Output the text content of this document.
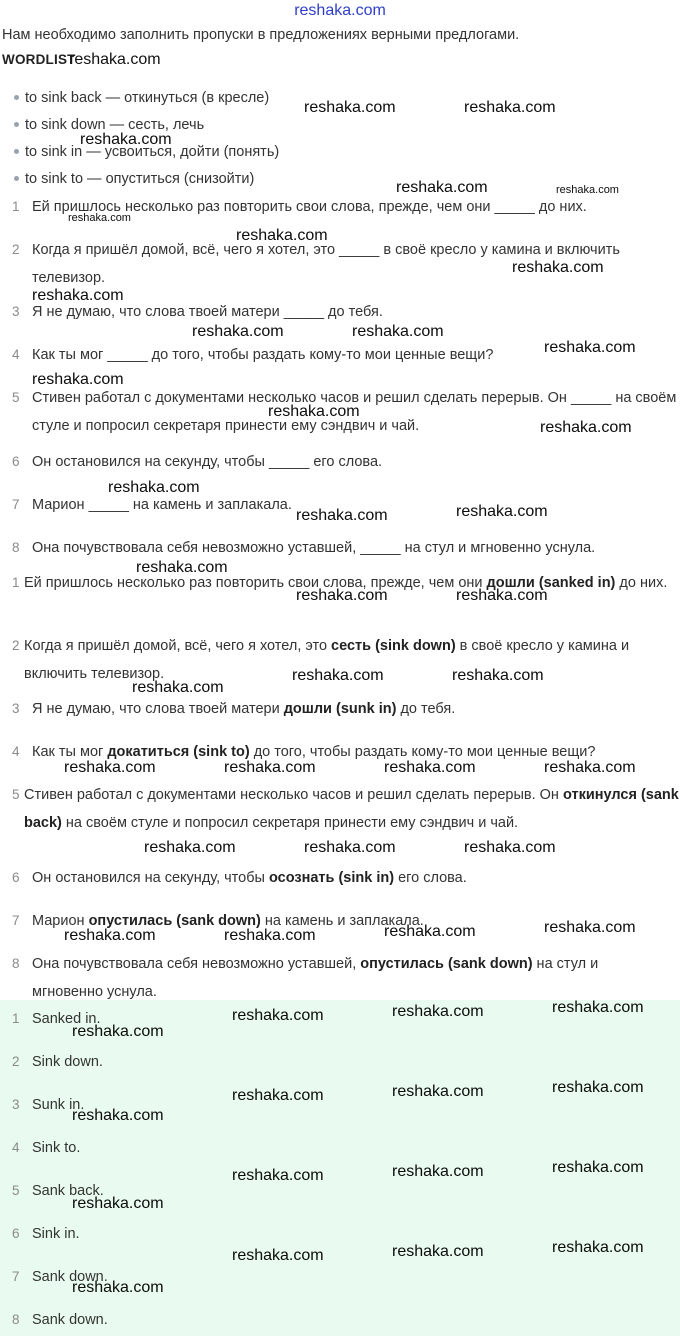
reshaka.com
Нам необходимо заполнить пропуски в предложениях верными предлогами.
WORDLIST
reshaka.com
to sink back — откинуться (в кресле)
to sink down — сесть, лечь
to sink in — усвоиться, дойти (понять)
to sink to — опуститься (снизойти)
1 Ей пришлось несколько раз повторить свои слова, прежде, чем они _____ до них.
2 Когда я пришёл домой, всё, чего я хотел, это _____ в своё кресло у камина и включить телевизор.
3 Я не думаю, что слова твоей матери _____ до тебя.
4 Как ты мог _____ до того, чтобы раздать кому-то мои ценные вещи?
5 Стивен работал с документами несколько часов и решил сделать перерыв. Он _____ на своём стуле и попросил секретаря принести ему сэндвич и чай.
6 Он остановился на секунду, чтобы _____ его слова.
7 Марион _____ на камень и заплакала.
8 Она почувствовала себя невозможно уставшей, _____ на стул и мгновенно уснула.
1 Ей пришлось несколько раз повторить свои слова, прежде, чем они дошли (sanked in) до них.
2 Когда я пришёл домой, всё, чего я хотел, это сесть (sink down) в своё кресло у камина и включить телевизор.
3 Я не думаю, что слова твоей матери дошли (sunk in) до тебя.
4 Как ты мог докатиться (sink to) до того, чтобы раздать кому-то мои ценные вещи?
5 Стивен работал с документами несколько часов и решил сделать перерыв. Он откинулся (sank back) на своём стуле и попросил секретаря принести ему сэндвич и чай.
6 Он остановился на секунду, чтобы осознать (sink in) его слова.
7 Марион опустилась (sank down) на камень и заплакала.
8 Она почувствовала себя невозможно уставшей, опустилась (sank down) на стул и мгновенно уснула.
1 Sanked in.
2 Sink down.
3 Sunk in.
4 Sink to.
5 Sank back.
6 Sink in.
7 Sank down.
8 Sank down.
reshaka.com	reshaka.com
reshaka.com
reshaka.com	reshaka.com
reshaka.com
reshaka.com
reshaka.com
reshaka.com
reshaka.com	reshaka.com
reshaka.com
reshaka.com
reshaka.com
reshaka.com
reshaka.com
reshaka.com
reshaka.com
reshaka.com
reshaka.com	reshaka.com
reshaka.com	reshaka.com
reshaka.com
reshaka.com	reshaka.com	reshaka.com	reshaka.com
reshaka.com	reshaka.com	reshaka.com
reshaka.com	reshaka.com
reshaka.com	reshaka.com
reshaka.com
reshaka.com
reshaka.com
reshaka.com
reshaka.com
reshaka.com
reshaka.com
reshaka.com
reshaka.com
reshaka.com
reshaka.com
reshaka.com
reshaka.com
reshaka.com
reshaka.com
reshaka.com
